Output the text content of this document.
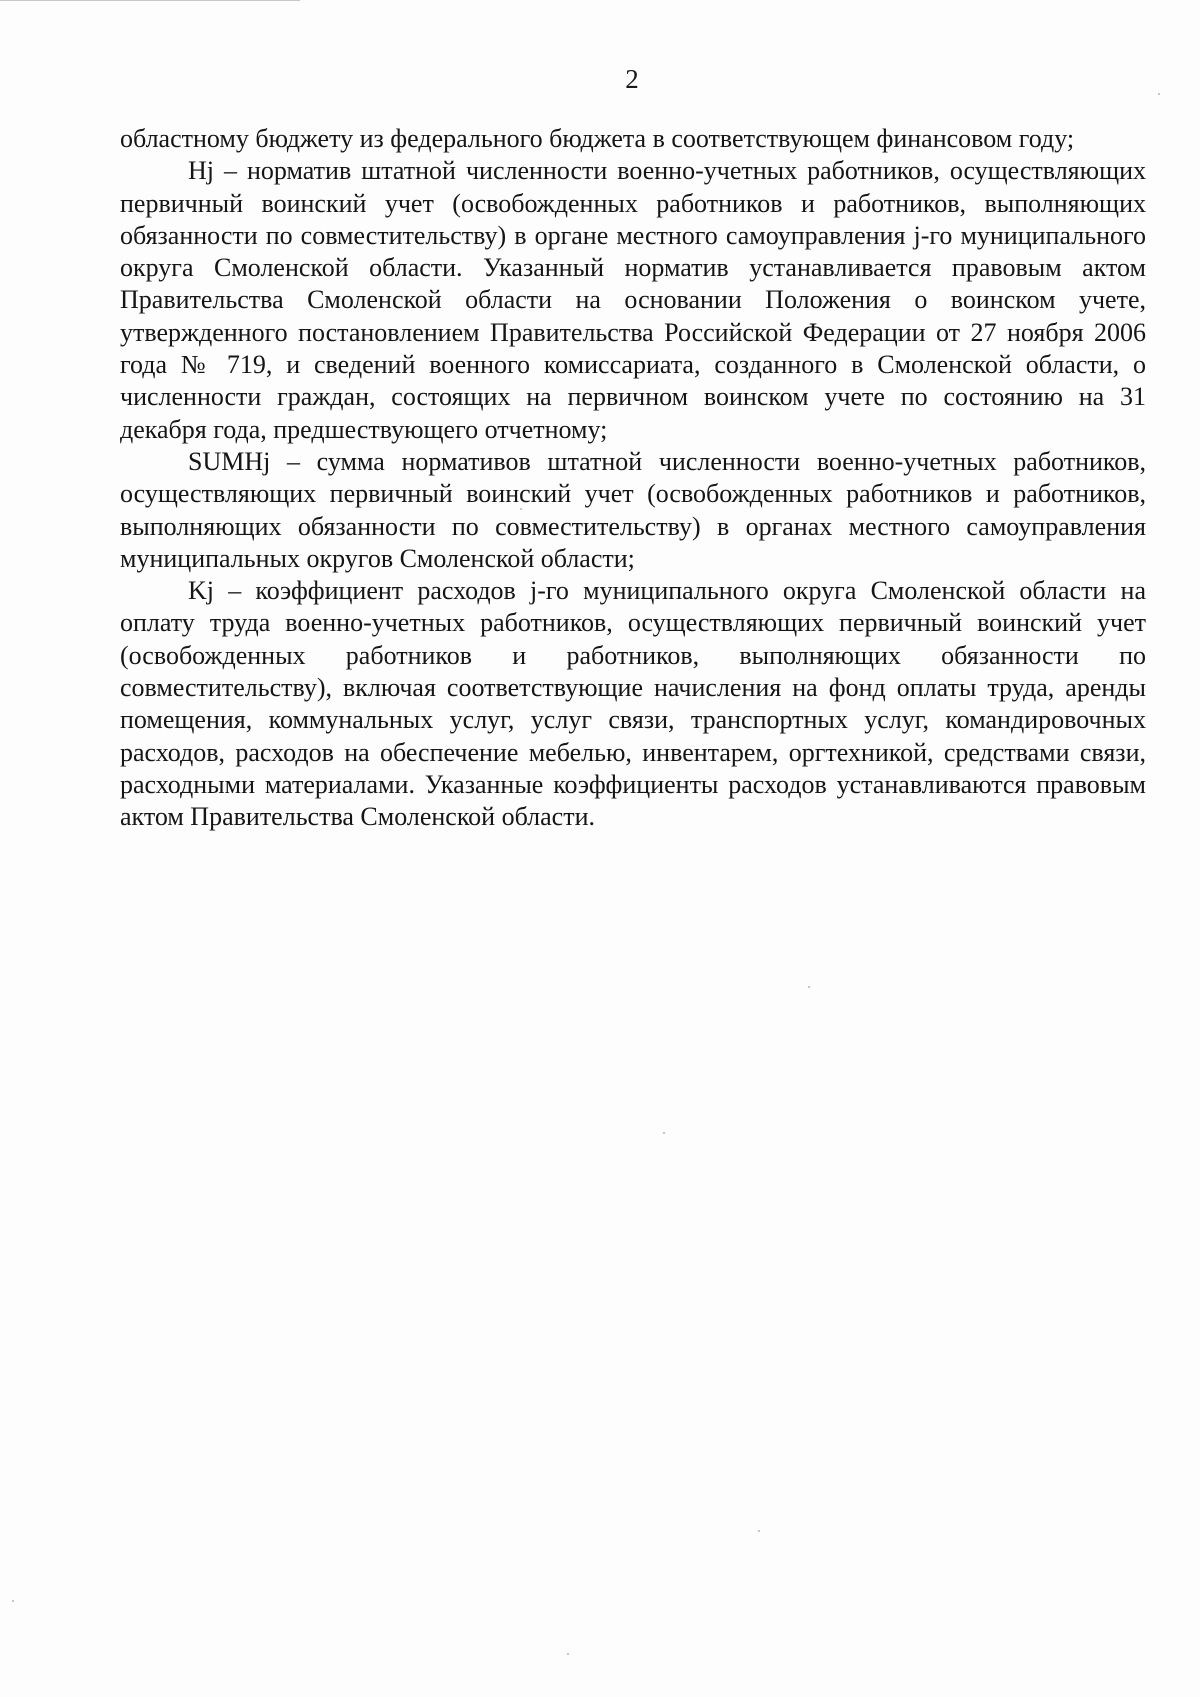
2

областному бюджету из федерального бюджета в соответствующем финансовом году;

Hj – норматив штатной численности военно-учетных работников, осуществляющих первичный воинский учет (освобожденных работников и работников, выполняющих обязанности по совместительству) в органе местного самоуправления j-го муниципального округа Смоленской области. Указанный норматив устанавливается правовым актом Правительства Смоленской области на основании Положения о воинском учете, утвержденного постановлением Правительства Российской Федерации от 27 ноября 2006 года № 719, и сведений военного комиссариата, созданного в Смоленской области, о численности граждан, состоящих на первичном воинском учете по состоянию на 31 декабря года, предшествующего отчетному;

SUMHj – сумма нормативов штатной численности военно-учетных работников, осуществляющих первичный воинский учет (освобожденных работников и работников, выполняющих обязанности по совместительству) в органах местного самоуправления муниципальных округов Смоленской области;

Kj – коэффициент расходов j-го муниципального округа Смоленской области на оплату труда военно-учетных работников, осуществляющих первичный воинский учет (освобожденных работников и работников, выполняющих обязанности по совместительству), включая соответствующие начисления на фонд оплаты труда, аренды помещения, коммунальных услуг, услуг связи, транспортных услуг, командировочных расходов, расходов на обеспечение мебелью, инвентарем, оргтехникой, средствами связи, расходными материалами. Указанные коэффициенты расходов устанавливаются правовым актом Правительства Смоленской области.
